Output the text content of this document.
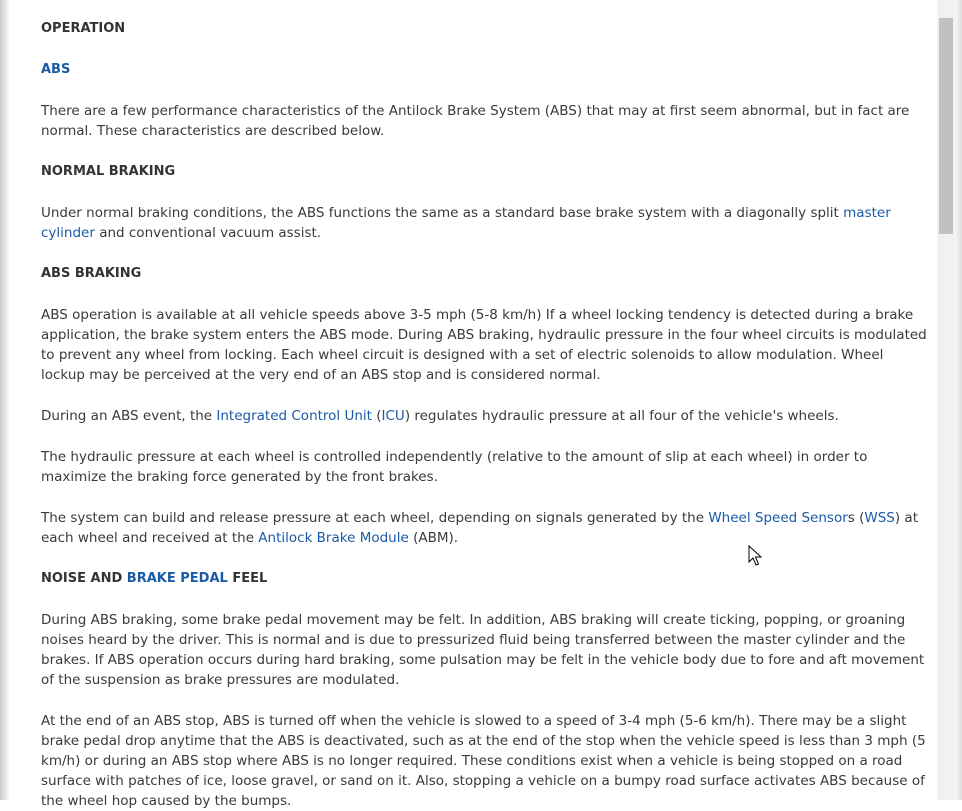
OPERATION
ABS

There are a few performance characteristics of the Antilock Brake System (ABS) that may at first seem abnormal, but in fact are normal. These characteristics are described below.

NORMAL BRAKING

Under normal braking conditions, the ABS functions the same as a standard base brake system with a diagonally split master cylinder and conventional vacuum assist.

ABS BRAKING

ABS operation is available at all vehicle speeds above 3-5 mph (5-8 km/h) If a wheel locking tendency is detected during a brake application, the brake system enters the ABS mode. During ABS braking, hydraulic pressure in the four wheel circuits is modulated to prevent any wheel from locking. Each wheel circuit is designed with a set of electric solenoids to allow modulation. Wheel lockup may be perceived at the very end of an ABS stop and is considered normal.

During an ABS event, the Integrated Control Unit (ICU) regulates hydraulic pressure at all four of the vehicle's wheels.

The hydraulic pressure at each wheel is controlled independently (relative to the amount of slip at each wheel) in order to maximize the braking force generated by the front brakes.

The system can build and release pressure at each wheel, depending on signals generated by the Wheel Speed Sensors (WSS) at each wheel and received at the Antilock Brake Module (ABM).

NOISE AND BRAKE PEDAL FEEL

During ABS braking, some brake pedal movement may be felt. In addition, ABS braking will create ticking, popping, or groaning noises heard by the driver. This is normal and is due to pressurized fluid being transferred between the master cylinder and the brakes. If ABS operation occurs during hard braking, some pulsation may be felt in the vehicle body due to fore and aft movement of the suspension as brake pressures are modulated.

At the end of an ABS stop, ABS is turned off when the vehicle is slowed to a speed of 3-4 mph (5-6 km/h). There may be a slight brake pedal drop anytime that the ABS is deactivated, such as at the end of the stop when the vehicle speed is less than 3 mph (5 km/h) or during an ABS stop where ABS is no longer required. These conditions exist when a vehicle is being stopped on a road surface with patches of ice, loose gravel, or sand on it. Also, stopping a vehicle on a bumpy road surface activates ABS because of the wheel hop caused by the bumps.
